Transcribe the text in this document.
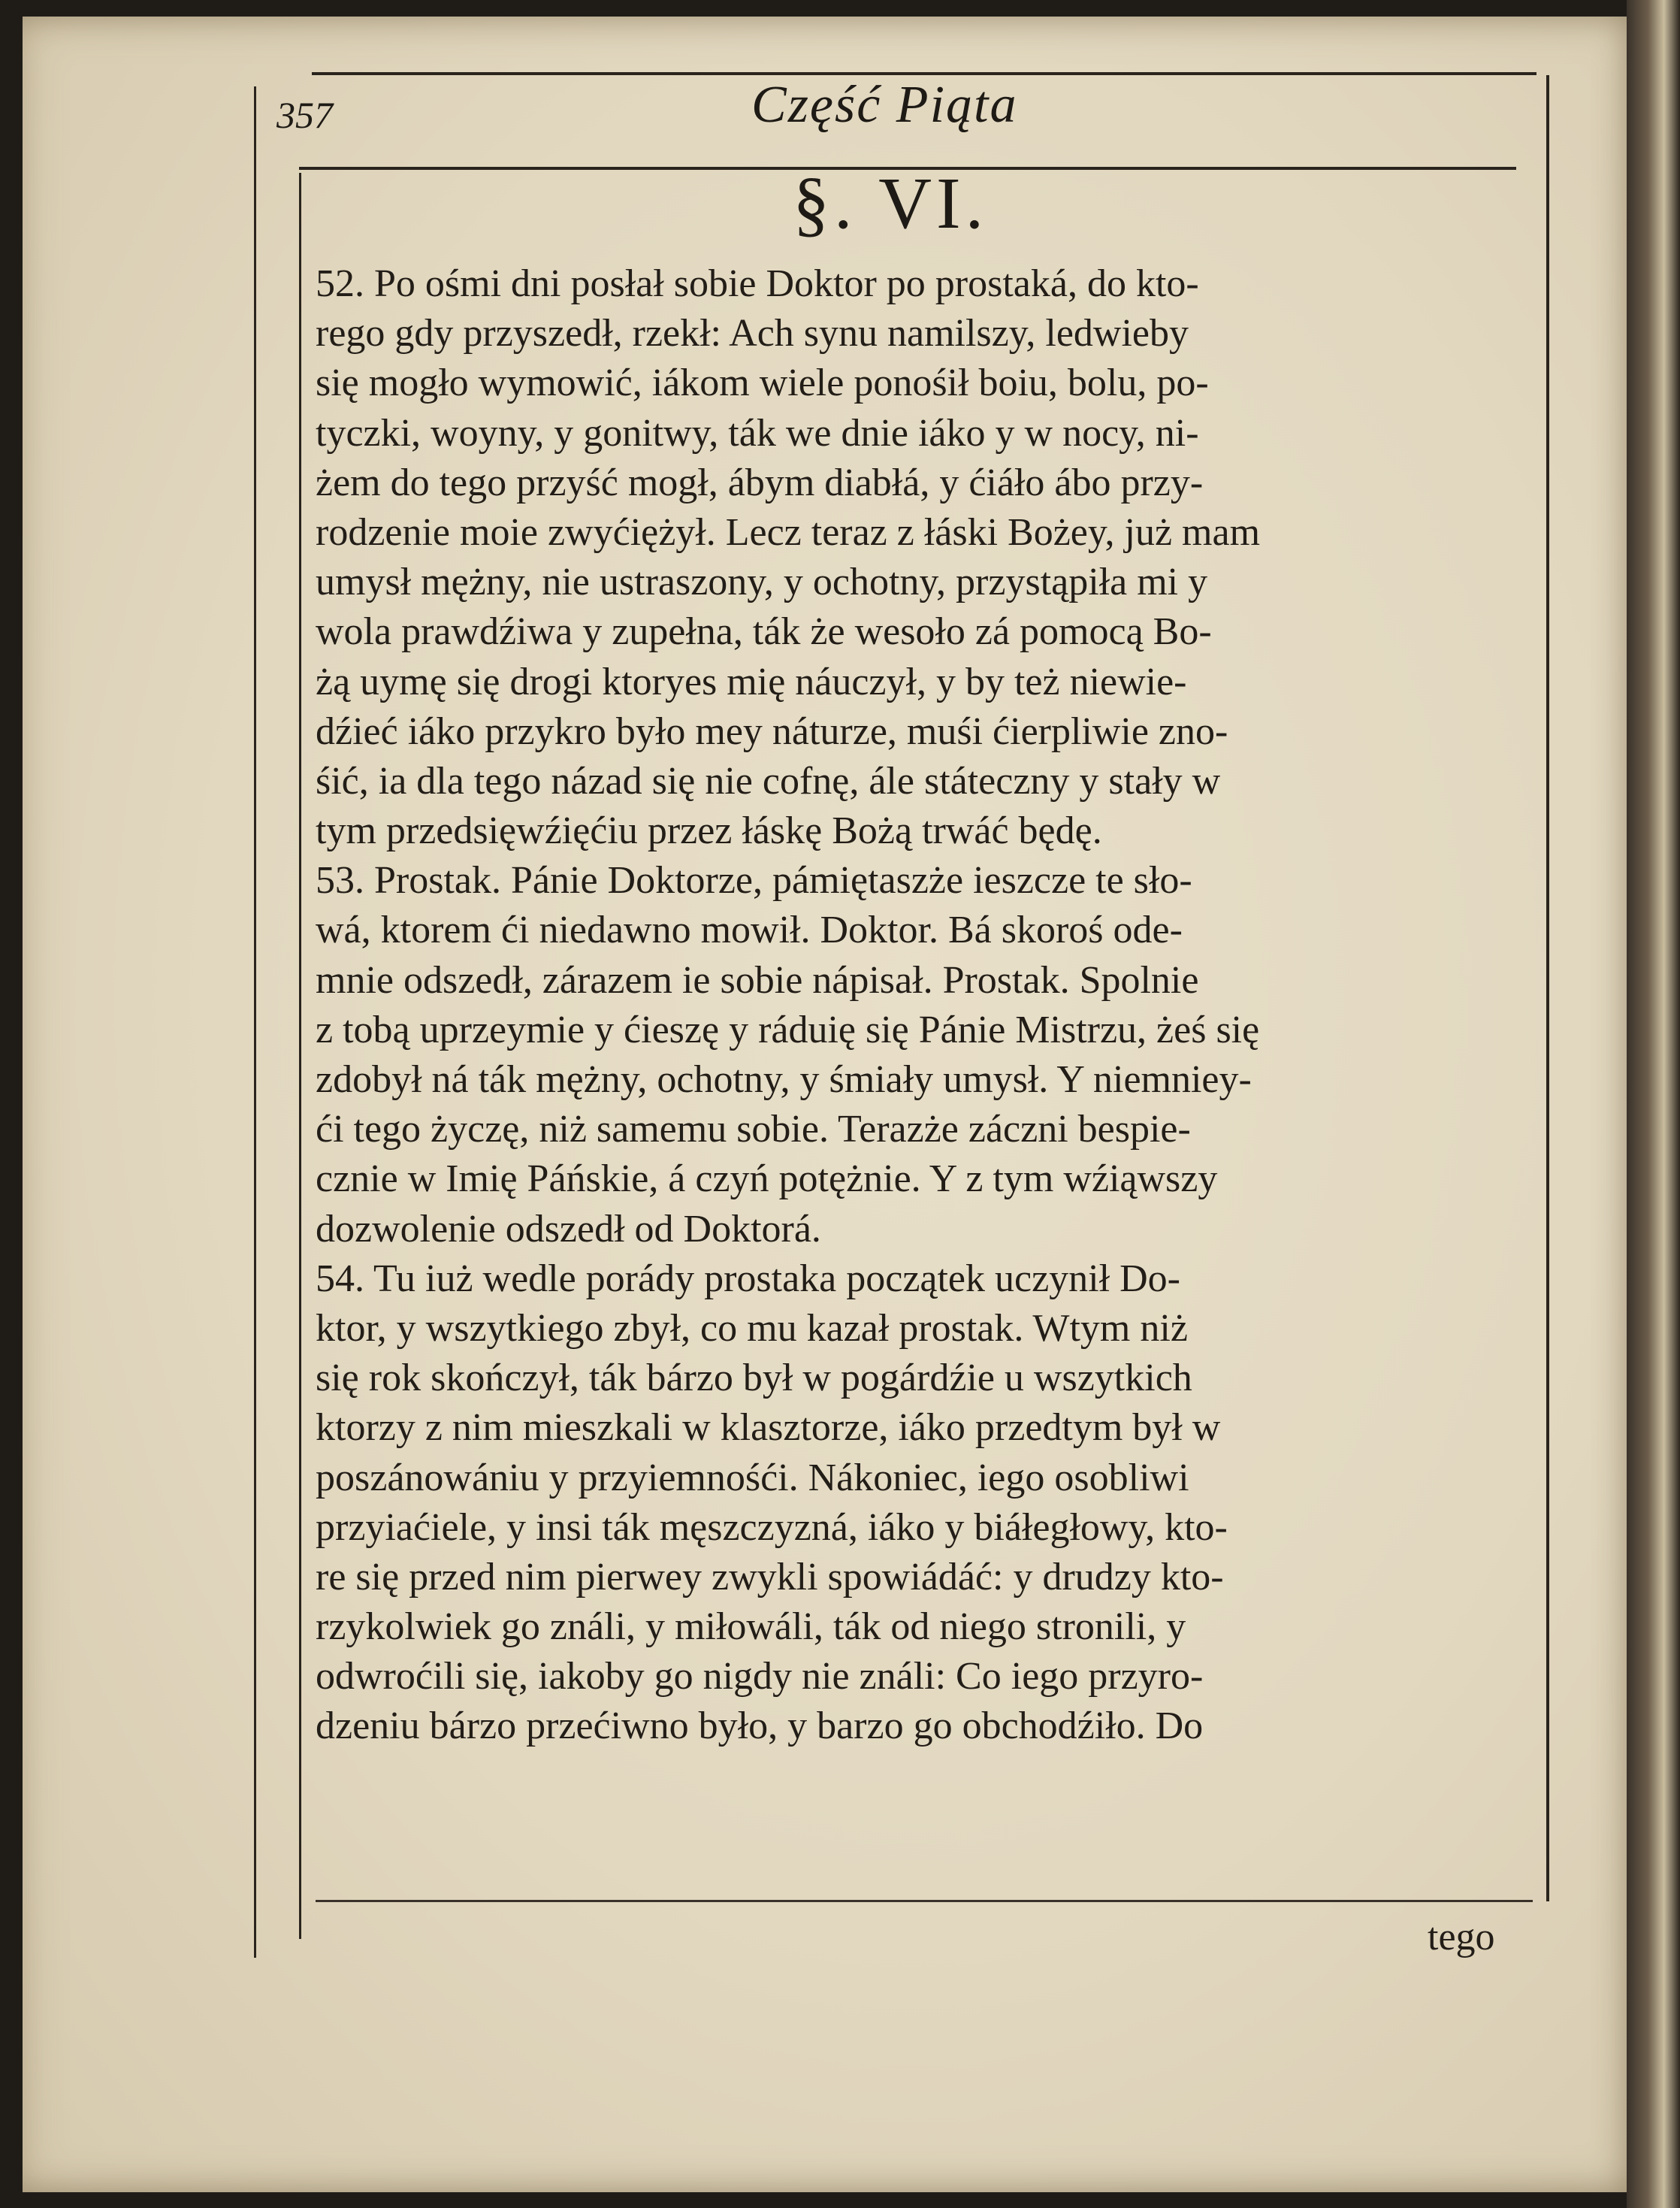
357	Część Piąta
§. VI.
52. Po ośmi dni posłał sobie Doktor po prostaká, do kto-
rego gdy przyszedł, rzekł: Ach synu namilszy, ledwieby
się mogło wymowić, iákom wiele ponośił boiu, bolu, po-
tyczki, woyny, y gonitwy, ták we dnie iáko y w nocy, ni-
żem do tego przyść mogł, ábym diabłá, y ćiáło ábo przy-
rodzenie moie zwyćiężył. Lecz teraz z łáski Bożey, już mam
umysł mężny, nie ustraszony, y ochotny, przystąpiła mi y
wola prawdźiwa y zupełna, ták że wesoło zá pomocą Bo-
żą uymę się drogi ktoryes mię náuczył, y by też niewie-
dźieć iáko przykro było mey náturze, muśi ćierpliwie zno-
śić, ia dla tego názad się nie cofnę, ále státeczny y stały w
tym przedsięwźięćiu przez łáskę Bożą trwáć będę.
53. Prostak. Pánie Doktorze, pámiętaszże ieszcze te sło-
wá, ktorem ći niedawno mowił. Doktor. Bá skoroś ode-
mnie odszedł, zárazem ie sobie nápisał. Prostak. Spolnie
z tobą uprzeymie y ćieszę y ráduię się Pánie Mistrzu, żeś się
zdobył ná ták mężny, ochotny, y śmiały umysł. Y niemniey-
ći tego życzę, niż samemu sobie. Terazże záczni bespie-
cznie w Imię Páńskie, á czyń potężnie. Y z tym wźiąwszy
dozwolenie odszedł od Doktorá.
54. Tu iuż wedle porády prostaka początek uczynił Do-
ktor, y wszytkiego zbył, co mu kazał prostak. Wtym niż
się rok skończył, ták bárzo był w pogárdźie u wszytkich
ktorzy z nim mieszkali w klasztorze, iáko przedtym był w
poszánowániu y przyiemnośći. Nákoniec, iego osobliwi
przyiaćiele, y insi ták męszczyzná, iáko y biáłegłowy, kto-
re się przed nim pierwey zwykli spowiádáć: y drudzy kto-
rzykolwiek go ználi, y miłowáli, ták od niego stronili, y
odwroćili się, iakoby go nigdy nie ználi: Co iego przyro-
dzeniu bárzo przećiwno było, y barzo go obchodźiło. Do
tego
